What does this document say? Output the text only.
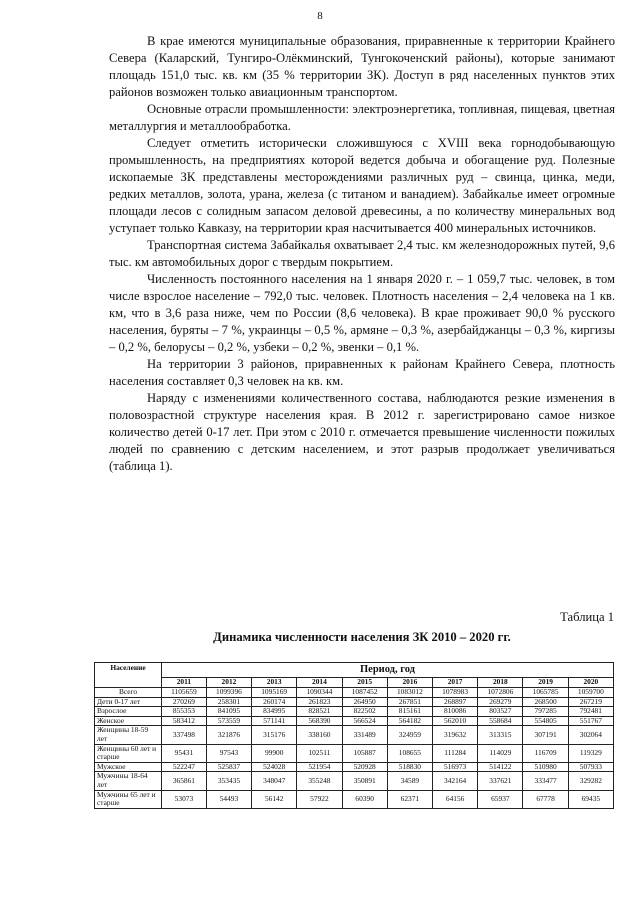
8

В крае имеются муниципальные образования, приравненные к территории Крайнего Севера (Каларский, Тунгиро-Олёкминский, Тунгокоченский районы), которые занимают площадь 151,0 тыс. кв. км (35 % территории ЗК). Доступ в ряд населенных пунктов этих районов возможен только авиационным транспортом.

Основные отрасли промышленности: электроэнергетика, топливная, пищевая, цветная металлургия и металлообработка.

Следует отметить исторически сложившуюся с XVIII века горнодобывающую промышленность, на предприятиях которой ведется добыча и обогащение руд. Полезные ископаемые ЗК представлены месторождениями различных руд – свинца, цинка, меди, редких металлов, золота, урана, железа (с титаном и ванадием). Забайкалье имеет огромные площади лесов с солидным запасом деловой древесины, а по количеству минеральных вод уступает только Кавказу, на территории края насчитывается 400 минеральных источников.

Транспортная система Забайкалья охватывает 2,4 тыс. км железнодорожных путей, 9,6 тыс. км автомобильных дорог с твердым покрытием.

Численность постоянного населения на 1 января 2020 г. – 1 059,7 тыс. человек, в том числе взрослое население – 792,0 тыс. человек. Плотность населения – 2,4 человека на 1 кв. км, что в 3,6 раза ниже, чем по России (8,6 человека). В крае проживает 90,0 % русского населения, буряты – 7 %, украинцы – 0,5 %, армяне – 0,3 %, азербайджанцы – 0,3 %, киргизы – 0,2 %, белорусы – 0,2 %, узбеки – 0,2 %, эвенки – 0,1 %.

На территории 3 районов, приравненных к районам Крайнего Севера, плотность населения составляет 0,3 человек на кв. км.

Наряду с изменениями количественного состава, наблюдаются резкие изменения в половозрастной структуре населения края. В 2012 г. зарегистрировано самое низкое количество детей 0-17 лет. При этом с 2010 г. отмечается превышение численности пожилых людей по сравнению с детским населением, и этот разрыв продолжает увеличиваться (таблица 1).

Таблица 1
Динамика численности населения ЗК 2010 – 2020 гг.
Население	Период, год									
	2011	2012	2013	2014	2015	2016	2017	2018	2019	2020
Всего	1105659	1099396	1095169	1090344	1087452	1083012	1078983	1072806	1065785	1059700
Дети 0-17 лет	270269	258301	260174	261823	264950	267851	268897	269279	268500	267219
Взрослое	855353	841095	834995	828521	822502	815161	810086	803527	797285	792481
Женское	583412	573559	571141	568390	566524	564182	562010	558684	554805	551767
Женщины 18-59 лет	337498	321876	315176	338160	331489	324959	319632	313315	307191	302064
Женщины 60 лет и старше	95431	97543	99900	102511	105887	108655	111284	114029	116709	119329
Мужское	522247	525837	524028	521954	520928	518830	516973	514122	510980	507933
Мужчины 18-64 лет	365861	353435	348047	355248	350891	34589	342164	337621	333477	329282
Мужчины 65 лет и старше	53073	54493	56142	57922	60390	62371	64156	65937	67778	69435
